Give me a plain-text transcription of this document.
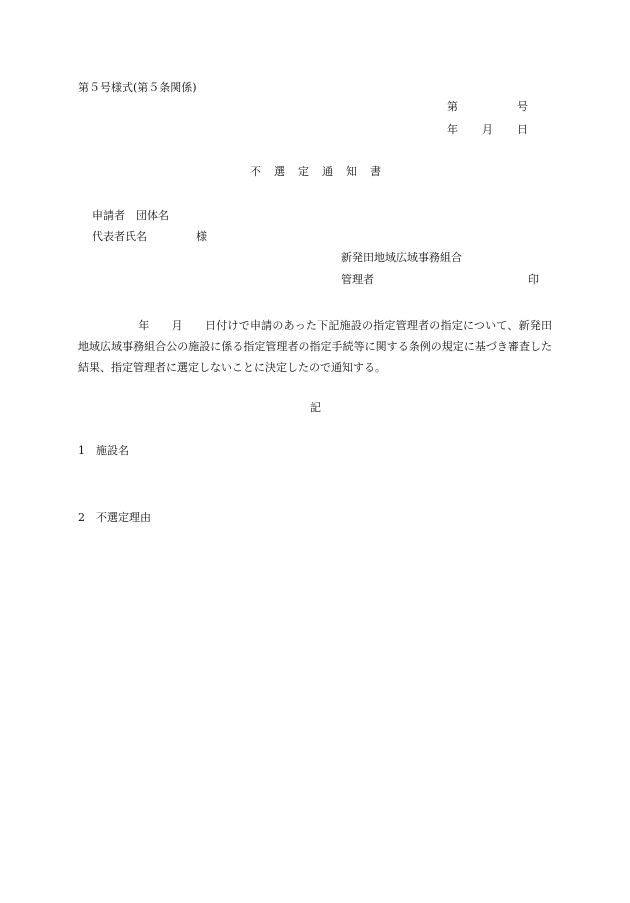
第５号様式(第５条関係)
第	号
年 月 日
不 選 定 通 知 書
申請者　団体名
代表者氏名	様
新発田地域広域事務組合
管理者	印
年 月 日付けで申請のあった下記施設の指定管理者の指定について、新発田地域広域事務組合公の施設に係る指定管理者の指定手続等に関する条例の規定に基づき審査した結果、指定管理者に選定しないことに決定したので通知する。
記
1 施設名
2 不選定理由
